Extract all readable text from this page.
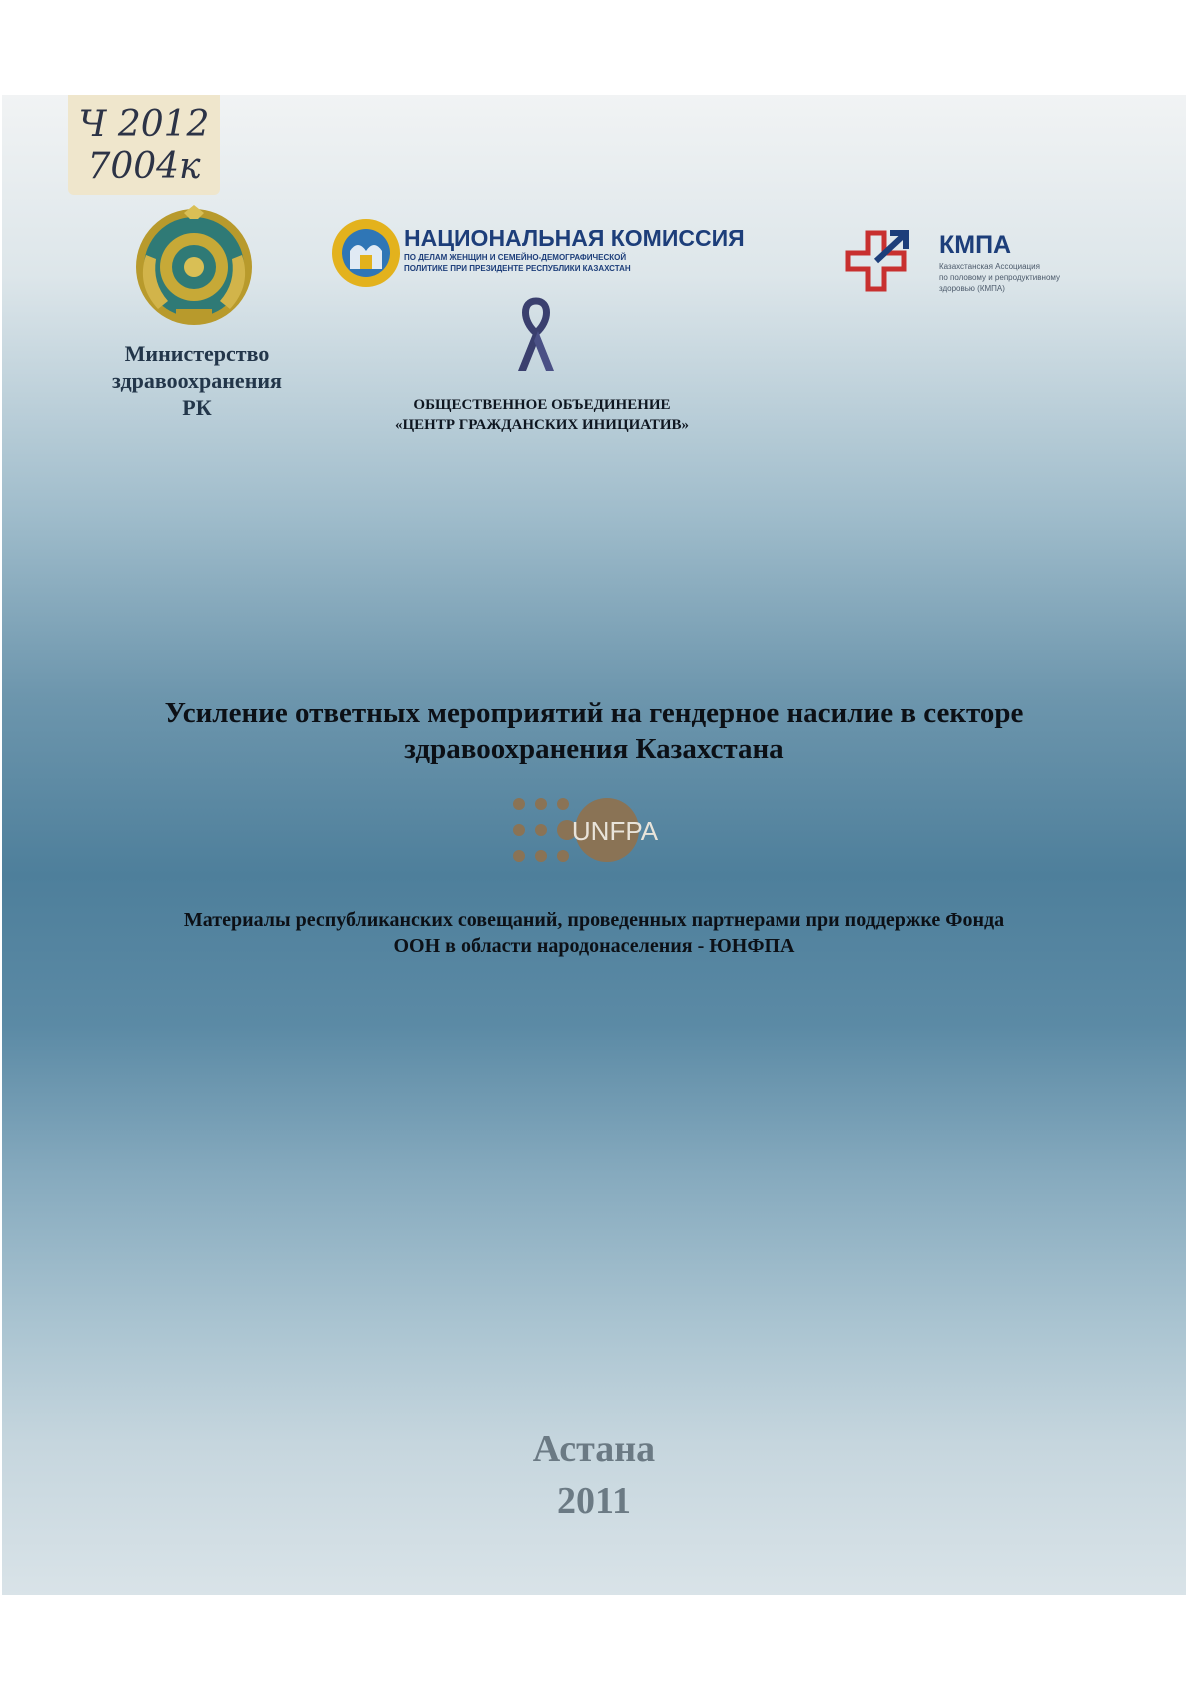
Ч 2012
7004к
Министерство
здравоохранения
РК
НАЦИОНАЛЬНАЯ КОМИССИЯ
ПО ДЕЛАМ ЖЕНЩИН И СЕМЕЙНО-ДЕМОГРАФИЧЕСКОЙ
ПОЛИТИКЕ ПРИ ПРЕЗИДЕНТЕ РЕСПУБЛИКИ КАЗАХСТАН
ОБЩЕСТВЕННОЕ ОБЪЕДИНЕНИЕ
«ЦЕНТР ГРАЖДАНСКИХ ИНИЦИАТИВ»
КМПА
Казахстанская Ассоциация
по половому и репродуктивному
здоровью (КМПА)
Усиление ответных мероприятий на гендерное насилие в секторе
здравоохранения Казахстана
UNFPA
Материалы республиканских совещаний, проведенных партнерами при поддержке Фонда
ООН в области народонаселения - ЮНФПА
Астана
2011
